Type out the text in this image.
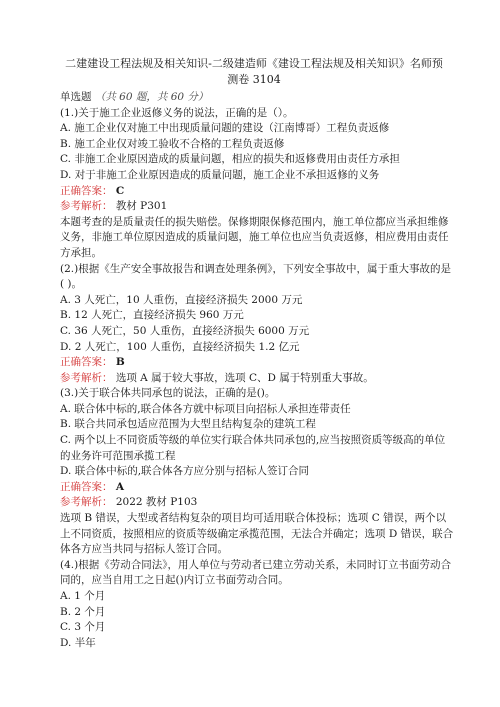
二建建设工程法规及相关知识-二级建造师《建设工程法规及相关知识》名师预
测卷 3104
单选题 （共 60 题，共 60 分）
(1.)关于施工企业返修义务的说法，正确的是（）。
A. 施工企业仅对施工中出现质量问题的建设（江南博哥）工程负责返修
B. 施工企业仅对竣工验收不合格的工程负责返修
C. 非施工企业原因造成的质量问题，相应的损失和返修费用由责任方承担
D. 对于非施工企业原因造成的质量问题，施工企业不承担返修的义务
正确答案： C
参考解析： 教材 P301
本题考查的是质量责任的损失赔偿。保修期限保修范围内，施工单位都应当承担维修义务，非施工单位原因造成的质量问题，施工单位也应当负责返修，相应费用由责任方承担。
(2.)根据《生产安全事故报告和调查处理条例》，下列安全事故中，属于重大事故的是( )。
A. 3 人死亡，10 人重伤，直接经济损失 2000 万元
B. 12 人死亡，直接经济损失 960 万元
C. 36 人死亡，50 人重伤，直接经济损失 6000 万元
D. 2 人死亡，100 人重伤，直接经济损失 1.2 亿元
正确答案： B
参考解析： 选项 A 属于较大事故，选项 C、D 属于特别重大事故。
(3.)关于联合体共同承包的说法，正确的是()。
A. 联合体中标的,联合体各方就中标项目向招标人承担连带责任
B. 联合共同承包适应范围为大型且结构复杂的建筑工程
C. 两个以上不同资质等级的单位实行联合体共同承包的,应当按照资质等级高的单位的业务许可范围承揽工程
D. 联合体中标的,联合体各方应分别与招标人签订合同
正确答案： A
参考解析： 2022 教材 P103
选项 B 错误，大型或者结构复杂的项目均可适用联合体投标；选项 C 错误，两个以上不同资质，按照相应的资质等级确定承揽范围，无法合并确定；选项 D 错误，联合体各方应当共同与招标人签订合同。
(4.)根据《劳动合同法》，用人单位与劳动者已建立劳动关系，未同时订立书面劳动合同的，应当自用工之日起()内订立书面劳动合同。
A. 1 个月
B. 2 个月
C. 3 个月
D. 半年
